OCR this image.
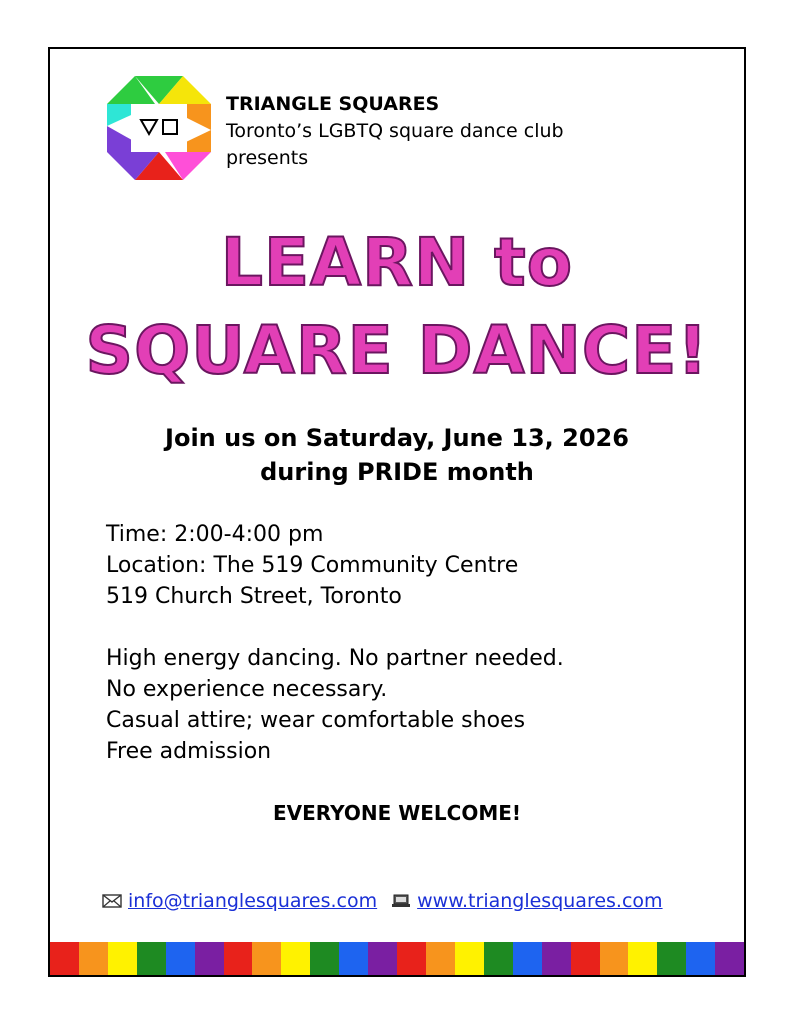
TRIANGLE SQUARES
Toronto’s LGBTQ square dance club
presents
LEARN to
SQUARE DANCE!
Join us on Saturday, June 13, 2026
during PRIDE month
Time: 2:00-4:00 pm
Location: The 519 Community Centre
519 Church Street, Toronto
High energy dancing. No partner needed.
No experience necessary.
Casual attire; wear comfortable shoes
Free admission
EVERYONE WELCOME!
info@trianglesquares.com www.trianglesquares.com
